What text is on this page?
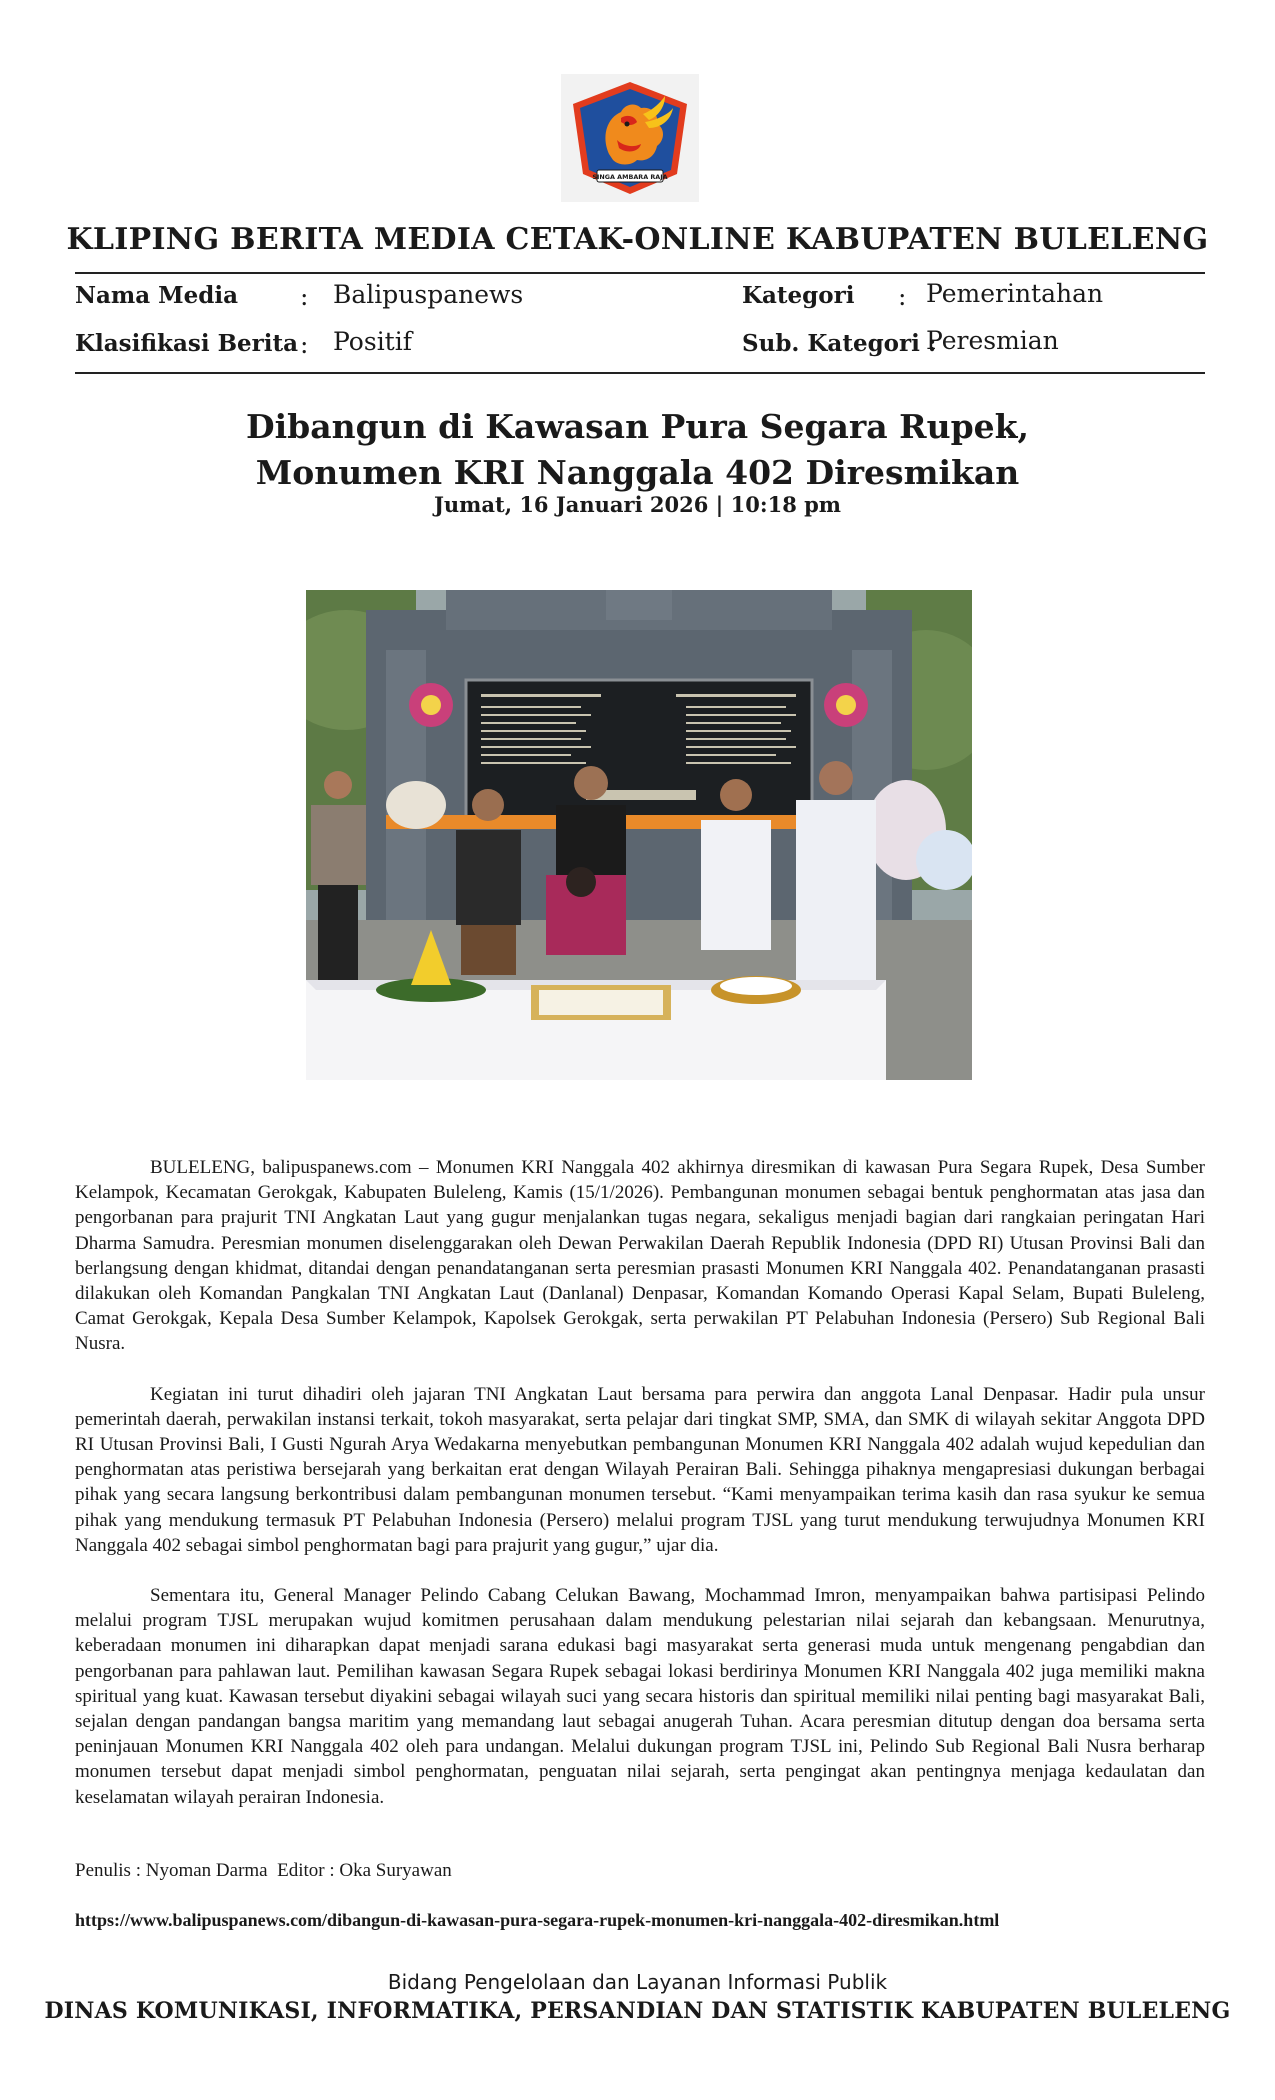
SINGA AMBARA RAJA
KLIPING BERITA MEDIA CETAK-ONLINE KABUPATEN BULELENG
Nama Media : Balipuspanews	Kategori : Pemerintahan
Klasifikasi Berita : Positif	Sub. Kategori :
Peresmian
Dibangun di Kawasan Pura Segara Rupek,
Monumen KRI Nanggala 402 Diresmikan
Jumat, 16 Januari 2026 | 10:18 pm

BULELENG, balipuspanews.com – Monumen KRI Nanggala 402 akhirnya diresmikan di kawasan Pura Segara Rupek, Desa Sumber Kelampok, Kecamatan Gerokgak, Kabupaten Buleleng, Kamis (15/1/2026). Pembangunan monumen sebagai bentuk penghormatan atas jasa dan pengorbanan para prajurit TNI Angkatan Laut yang gugur menjalankan tugas negara, sekaligus menjadi bagian dari rangkaian peringatan Hari Dharma Samudra. Peresmian monumen diselenggarakan oleh Dewan Perwakilan Daerah Republik Indonesia (DPD RI) Utusan Provinsi Bali dan berlangsung dengan khidmat, ditandai dengan penandatanganan serta peresmian prasasti Monumen KRI Nanggala 402. Penandatanganan prasasti dilakukan oleh Komandan Pangkalan TNI Angkatan Laut (Danlanal) Denpasar, Komandan Komando Operasi Kapal Selam, Bupati Buleleng, Camat Gerokgak, Kepala Desa Sumber Kelampok, Kapolsek Gerokgak, serta perwakilan PT Pelabuhan Indonesia (Persero) Sub Regional Bali Nusra.

Kegiatan ini turut dihadiri oleh jajaran TNI Angkatan Laut bersama para perwira dan anggota Lanal Denpasar. Hadir pula unsur pemerintah daerah, perwakilan instansi terkait, tokoh masyarakat, serta pelajar dari tingkat SMP, SMA, dan SMK di wilayah sekitar Anggota DPD RI Utusan Provinsi Bali, I Gusti Ngurah Arya Wedakarna menyebutkan pembangunan Monumen KRI Nanggala 402 adalah wujud kepedulian dan penghormatan atas peristiwa bersejarah yang berkaitan erat dengan Wilayah Perairan Bali. Sehingga pihaknya mengapresiasi dukungan berbagai pihak yang secara langsung berkontribusi dalam pembangunan monumen tersebut. “Kami menyampaikan terima kasih dan rasa syukur ke semua pihak yang mendukung termasuk PT Pelabuhan Indonesia (Persero) melalui program TJSL yang turut mendukung terwujudnya Monumen KRI Nanggala 402 sebagai simbol penghormatan bagi para prajurit yang gugur,” ujar dia.

Sementara itu, General Manager Pelindo Cabang Celukan Bawang, Mochammad Imron, menyampaikan bahwa partisipasi Pelindo melalui program TJSL merupakan wujud komitmen perusahaan dalam mendukung pelestarian nilai sejarah dan kebangsaan. Menurutnya, keberadaan monumen ini diharapkan dapat menjadi sarana edukasi bagi masyarakat serta generasi muda untuk mengenang pengabdian dan pengorbanan para pahlawan laut. Pemilihan kawasan Segara Rupek sebagai lokasi berdirinya Monumen KRI Nanggala 402 juga memiliki makna spiritual yang kuat. Kawasan tersebut diyakini sebagai wilayah suci yang secara historis dan spiritual memiliki nilai penting bagi masyarakat Bali, sejalan dengan pandangan bangsa maritim yang memandang laut sebagai anugerah Tuhan. Acara peresmian ditutup dengan doa bersama serta peninjauan Monumen KRI Nanggala 402 oleh para undangan. Melalui dukungan program TJSL ini, Pelindo Sub Regional Bali Nusra berharap monumen tersebut dapat menjadi simbol penghormatan, penguatan nilai sejarah, serta pengingat akan pentingnya menjaga kedaulatan dan keselamatan wilayah perairan Indonesia.

Penulis : Nyoman Darma  Editor : Oka Suryawan
https://www.balipuspanews.com/dibangun-di-kawasan-pura-segara-rupek-monumen-kri-nanggala-402-diresmikan.html
Bidang Pengelolaan dan Layanan Informasi Publik
DINAS KOMUNIKASI, INFORMATIKA, PERSANDIAN DAN STATISTIK KABUPATEN BULELENG
